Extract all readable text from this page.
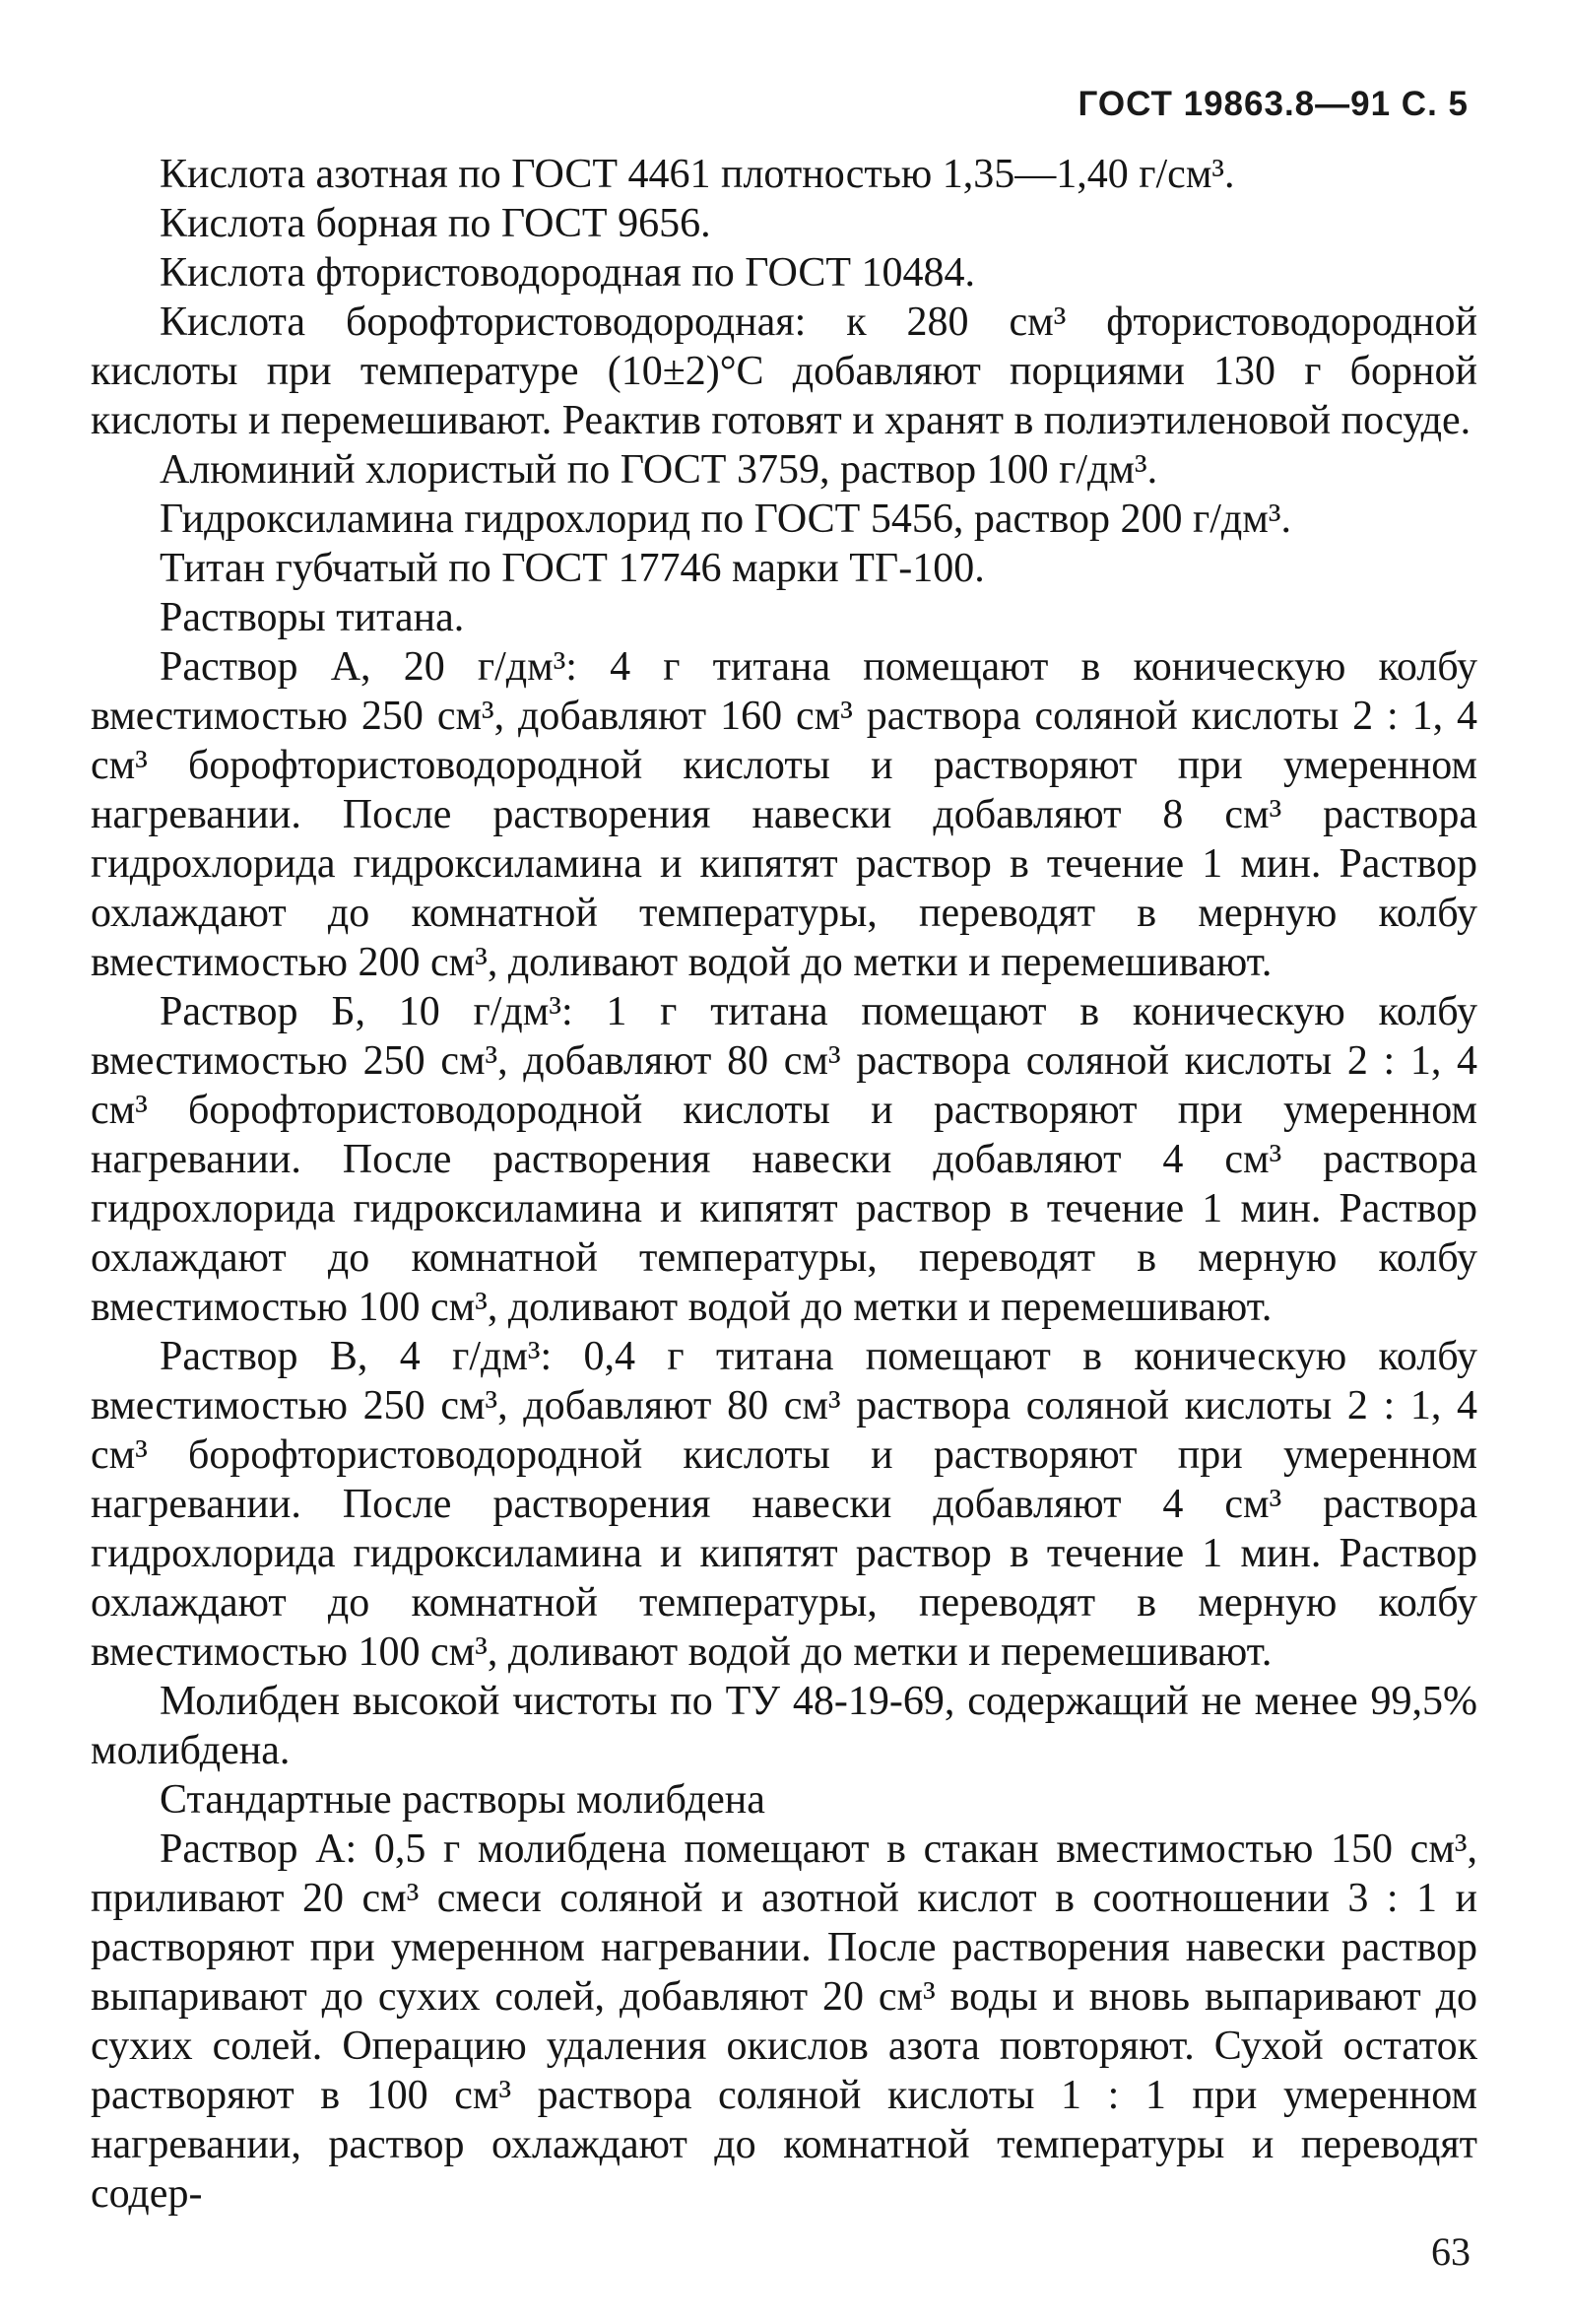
ГОСТ 19863.8—91 С. 5

Кислота азотная по ГОСТ 4461 плотностью 1,35—1,40 г/см³.

Кислота борная по ГОСТ 9656.

Кислота фтористоводородная по ГОСТ 10484.

Кислота борофтористоводородная: к 280 см³ фтористоводородной кислоты при температуре (10±2)°С добавляют порциями 130 г борной кислоты и перемешивают. Реактив готовят и хранят в полиэтиленовой посуде.

Алюминий хлористый по ГОСТ 3759, раствор 100 г/дм³.

Гидроксиламина гидрохлорид по ГОСТ 5456, раствор 200 г/дм³.

Титан губчатый по ГОСТ 17746 марки ТГ-100.

Растворы титана.

Раствор А, 20 г/дм³: 4 г титана помещают в коническую колбу вместимостью 250 см³, добавляют 160 см³ раствора соляной кислоты 2 : 1, 4 см³ борофтористоводородной кислоты и растворяют при умеренном нагревании. После растворения навески добавляют 8 см³ раствора гидрохлорида гидроксиламина и кипятят раствор в течение 1 мин. Раствор охлаждают до комнатной температуры, переводят в мерную колбу вместимостью 200 см³, доливают водой до метки и перемешивают.

Раствор Б, 10 г/дм³: 1 г титана помещают в коническую колбу вместимостью 250 см³, добавляют 80 см³ раствора соляной кислоты 2 : 1, 4 см³ борофтористоводородной кислоты и растворяют при умеренном нагревании. После растворения навески добавляют 4 см³ раствора гидрохлорида гидроксиламина и кипятят раствор в течение 1 мин. Раствор охлаждают до комнатной температуры, переводят в мерную колбу вместимостью 100 см³, доливают водой до метки и перемешивают.

Раствор В, 4 г/дм³: 0,4 г титана помещают в коническую колбу вместимостью 250 см³, добавляют 80 см³ раствора соляной кислоты 2 : 1, 4 см³ борофтористоводородной кислоты и растворяют при умеренном нагревании. После растворения навески добавляют 4 см³ раствора гидрохлорида гидроксиламина и кипятят раствор в течение 1 мин. Раствор охлаждают до комнатной температуры, переводят в мерную колбу вместимостью 100 см³, доливают водой до метки и перемешивают.

Молибден высокой чистоты по ТУ 48-19-69, содержащий не менее 99,5% молибдена.

Стандартные растворы молибдена

Раствор А: 0,5 г молибдена помещают в стакан вместимостью 150 см³, приливают 20 см³ смеси соляной и азотной кислот в соотношении 3 : 1 и растворяют при умеренном нагревании. После растворения навески раствор выпаривают до сухих солей, добавляют 20 см³ воды и вновь выпаривают до сухих солей. Операцию удаления окислов азота повторяют. Сухой остаток растворяют в 100 см³ раствора соляной кислоты 1 : 1 при умеренном нагревании, раствор охлаждают до комнатной температуры и переводят содер-

63
